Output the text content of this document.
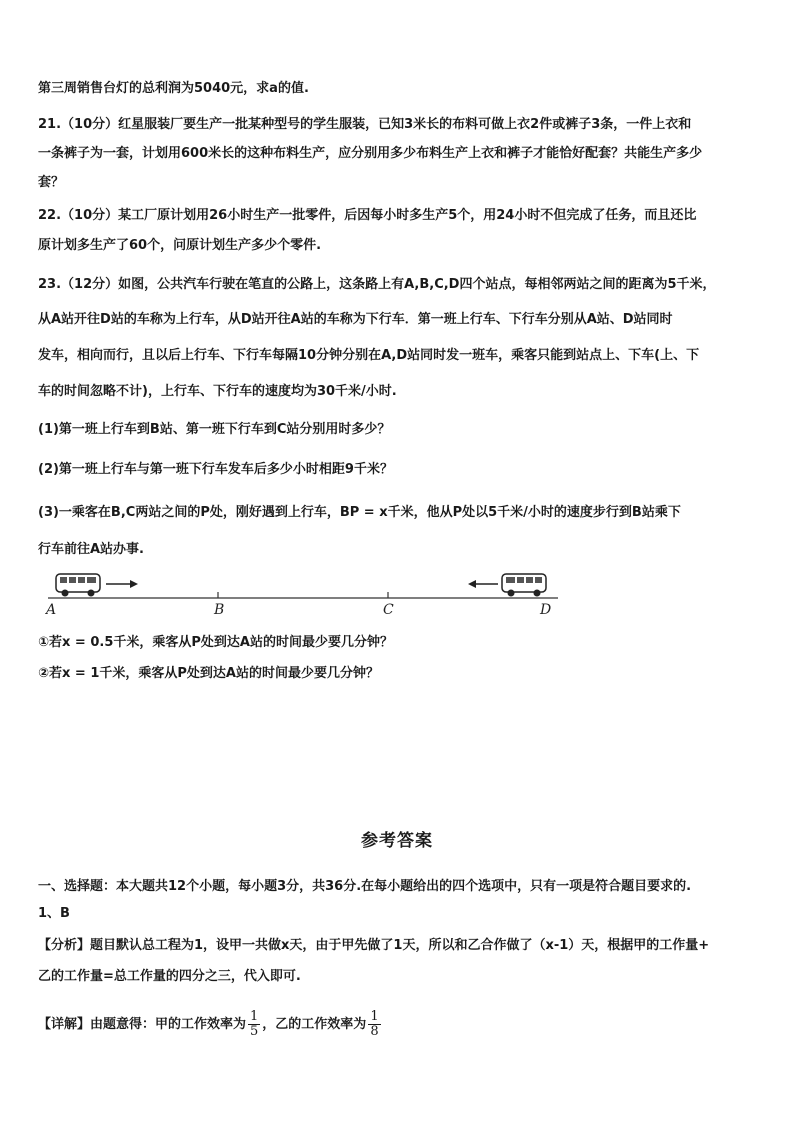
第三周销售台灯的总利润为5040元，求a的值.
21.（10分）红星服装厂要生产一批某种型号的学生服装，已知3米长的布料可做上衣2件或裤子3条，一件上衣和
一条裤子为一套，计划用600米长的这种布料生产，应分别用多少布料生产上衣和裤子才能恰好配套？共能生产多少
套？
22.（10分）某工厂原计划用26小时生产一批零件，后因每小时多生产5个，用24小时不但完成了任务，而且还比
原计划多生产了60个，问原计划生产多少个零件.
23.（12分）如图，公共汽车行驶在笔直的公路上，这条路上有A,B,C,D四个站点，每相邻两站之间的距离为5千米，
从A站开往D站的车称为上行车，从D站开往A站的车称为下行车．第一班上行车、下行车分别从A站、D站同时
发车，相向而行，且以后上行车、下行车每隔10分钟分别在A,D站同时发一班车，乘客只能到站点上、下车(上、下
车的时间忽略不计)，上行车、下行车的速度均为30千米/小时.
(1)第一班上行车到B站、第一班下行车到C站分别用时多少？
(2)第一班上行车与第一班下行车发车后多少小时相距9千米？
(3)一乘客在B,C两站之间的P处，刚好遇到上行车，BP = x千米，他从P处以5千米/小时的速度步行到B站乘下
行车前往A站办事.
①若x = 0.5千米，乘客从P处到达A站的时间最少要几分钟？
②若x = 1千米，乘客从P处到达A站的时间最少要几分钟？
A	B	C	D
参考答案
一、选择题：本大题共12个小题，每小题3分，共36分.在每小题给出的四个选项中，只有一项是符合题目要求的.
1、B
【分析】题目默认总工程为1，设甲一共做x天，由于甲先做了1天，所以和乙合作做了（x-1）天，根据甲的工作量+
乙的工作量=总工作量的四分之三，代入即可.
【详解】由题意得：甲的工作效率为 $\frac{1}{5}$ ，乙的工作效率为 $\frac{1}{8}$
